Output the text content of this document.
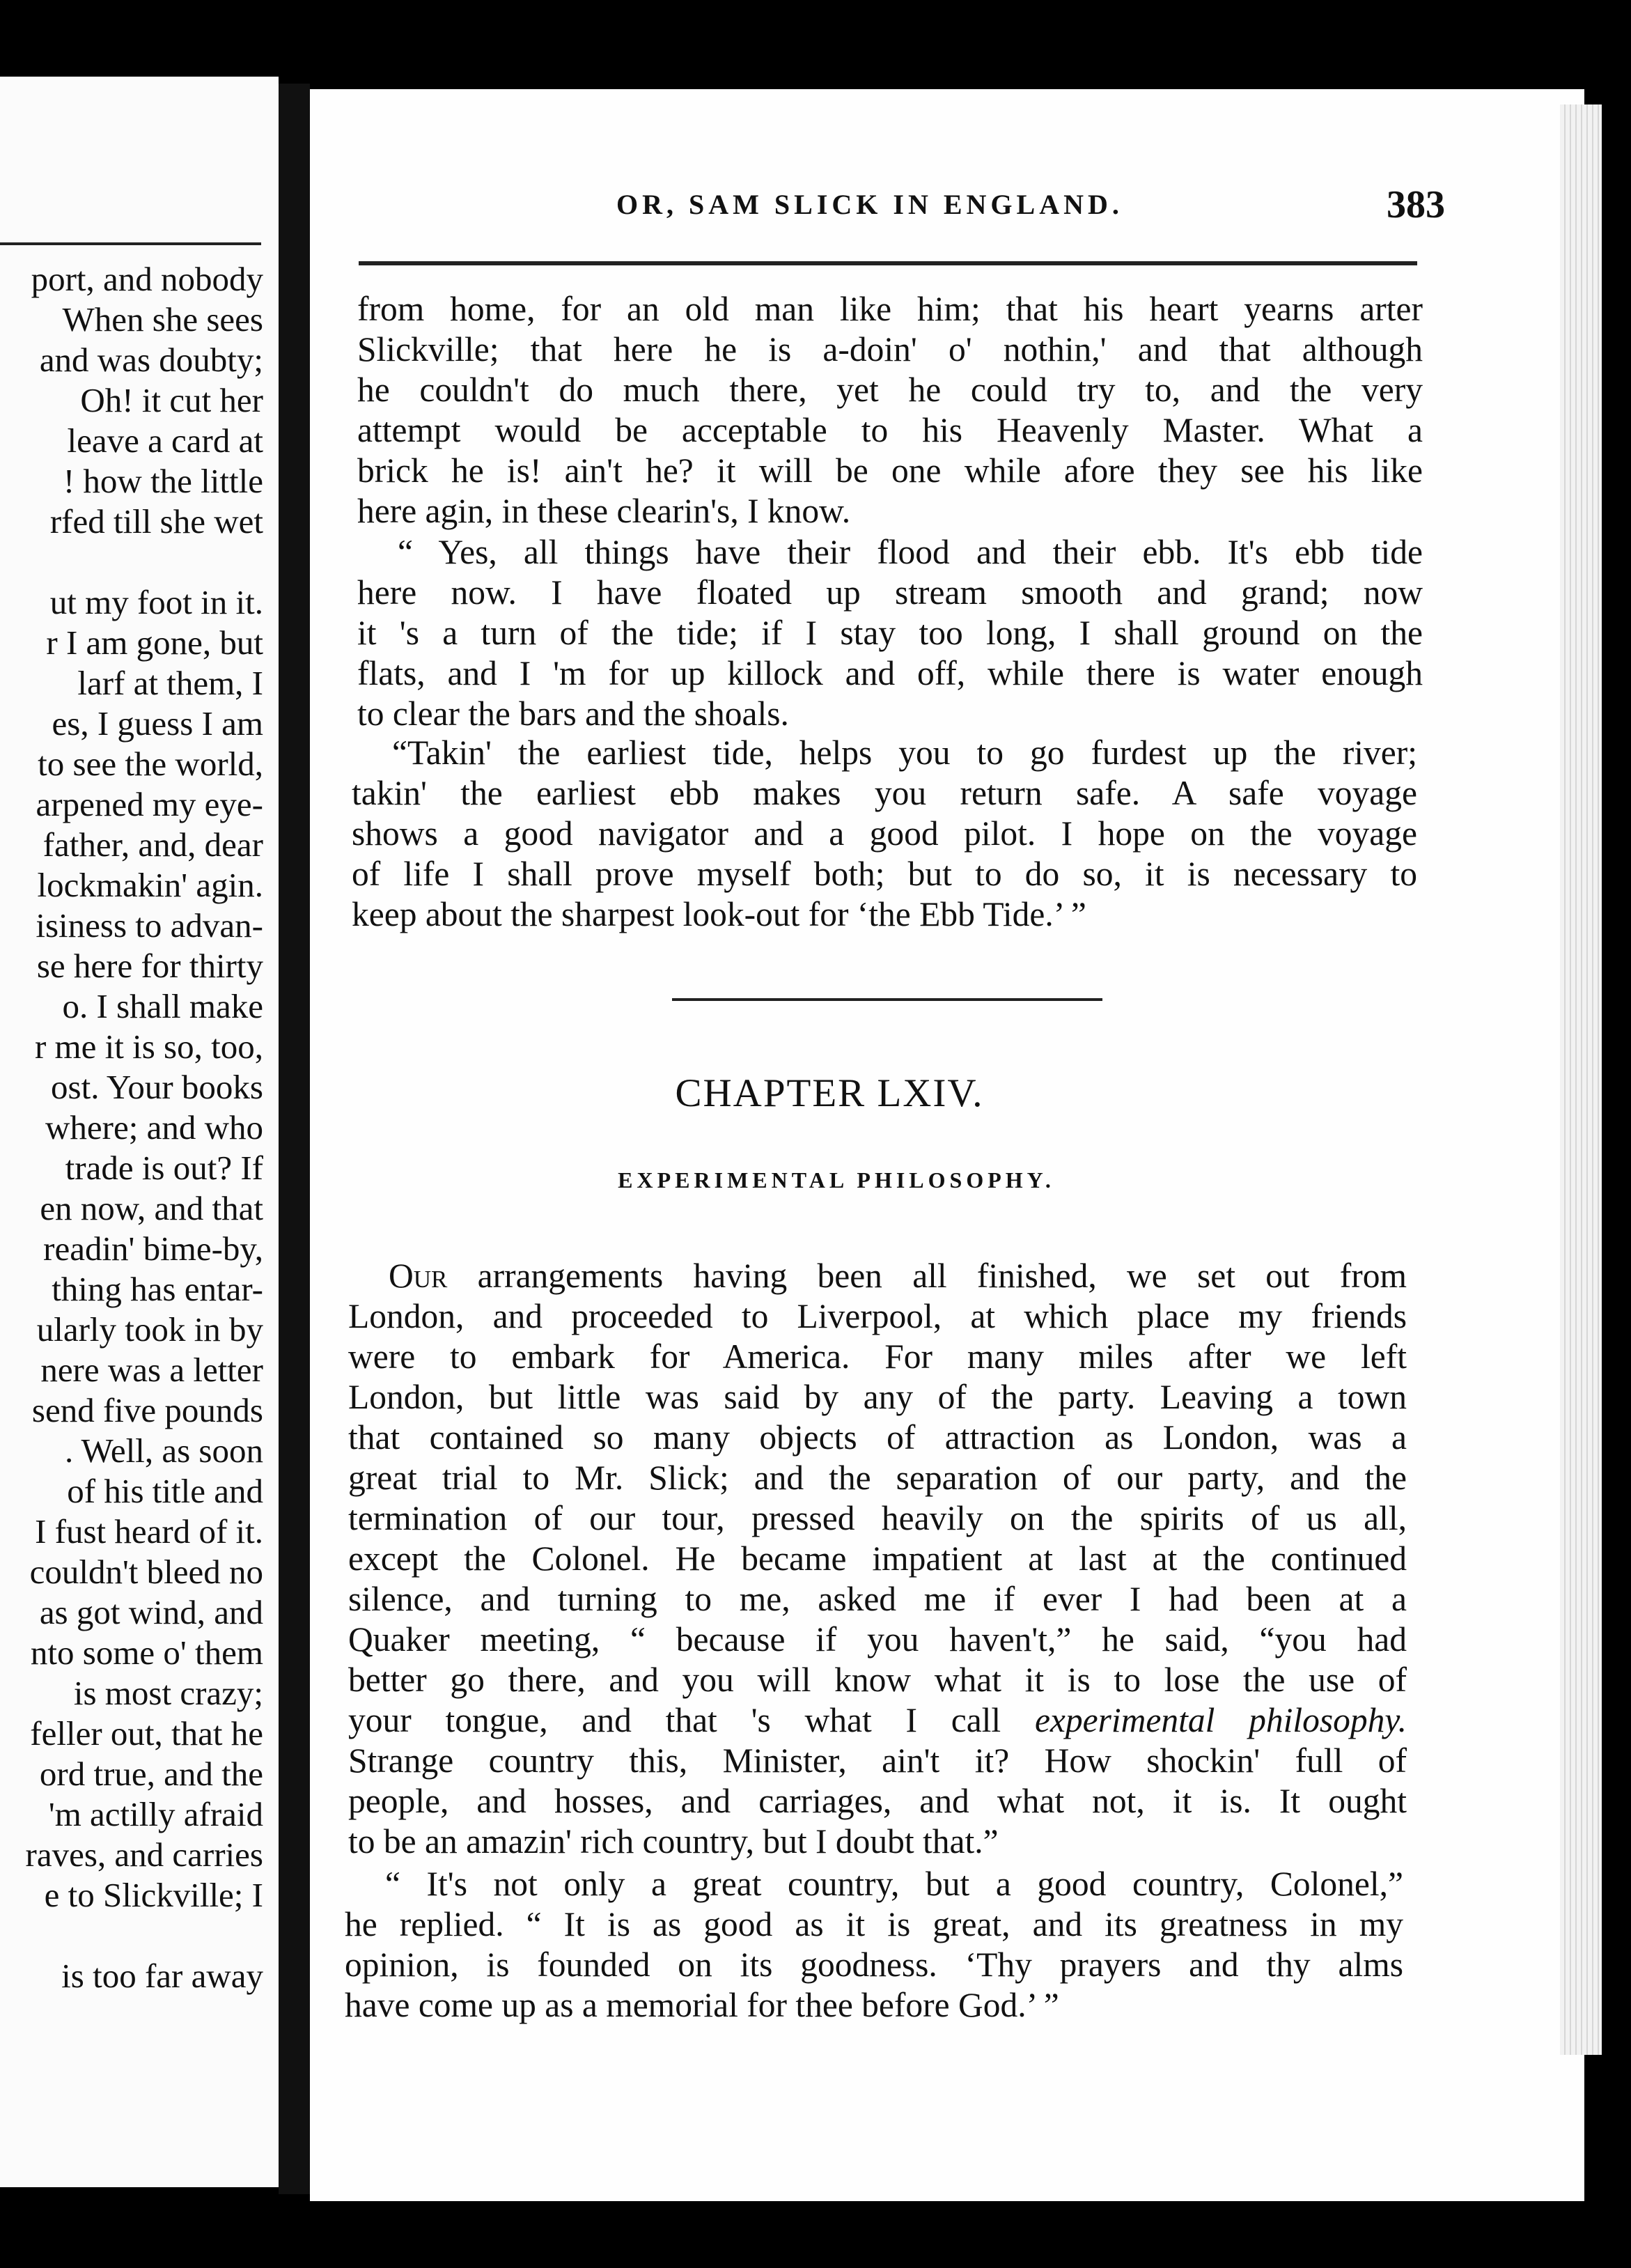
port, and nobody
When she sees
and was doubty;
Oh! it cut her
leave a card at
! how the little
rfed till she wet
ut my foot in it.
r I am gone, but
larf at them, I
es, I guess I am
to see the world,
arpened my eye-
father, and, dear
lockmakin' agin.
isiness to advan-
se here for thirty
o. I shall make
r me it is so, too,
ost. Your books
where; and who
trade is out? If
en now, and that
readin' bime-by,
thing has entar-
ularly took in by
nere was a letter
send five pounds
. Well, as soon
of his title and
I fust heard of it.
couldn't bleed no
as got wind, and
nto some o' them
is most crazy;
feller out, that he
ord true, and the
'm actilly afraid
raves, and carries
e to Slickville; I
is too far away
OR, SAM SLICK IN ENGLAND.	383
from home, for an old man like him; that his heart yearns arter
Slickville; that here he is a-doin' o' nothin,' and that although
he couldn't do much there, yet he could try to, and the very
attempt would be acceptable to his Heavenly Master. What a
brick he is! ain't he? it will be one while afore they see his like
here agin, in these clearin's, I know.
“ Yes, all things have their flood and their ebb. It's ebb tide
here now. I have floated up stream smooth and grand; now
it 's a turn of the tide; if I stay too long, I shall ground on the
flats, and I 'm for up killock and off, while there is water enough
to clear the bars and the shoals.
“Takin' the earliest tide, helps you to go furdest up the river;
takin' the earliest ebb makes you return safe. A safe voyage
shows a good navigator and a good pilot. I hope on the voyage
of life I shall prove myself both; but to do so, it is necessary to
keep about the sharpest look-out for ‘the Ebb Tide.’ ”
CHAPTER LXIV.
EXPERIMENTAL PHILOSOPHY.
Our arrangements having been all finished, we set out from
London, and proceeded to Liverpool, at which place my friends
were to embark for America. For many miles after we left
London, but little was said by any of the party. Leaving a town
that contained so many objects of attraction as London, was a
great trial to Mr. Slick; and the separation of our party, and the
termination of our tour, pressed heavily on the spirits of us all,
except the Colonel. He became impatient at last at the continued
silence, and turning to me, asked me if ever I had been at a
Quaker meeting, “ because if you haven't,” he said, “you had
better go there, and you will know what it is to lose the use of
your tongue, and that 's what I call experimental philosophy.
Strange country this, Minister, ain't it? How shockin' full of
people, and hosses, and carriages, and what not, it is. It ought
to be an amazin' rich country, but I doubt that.”
“ It's not only a great country, but a good country, Colonel,”
he replied. “ It is as good as it is great, and its greatness in my
opinion, is founded on its goodness. ‘Thy prayers and thy alms
have come up as a memorial for thee before God.’ ”
